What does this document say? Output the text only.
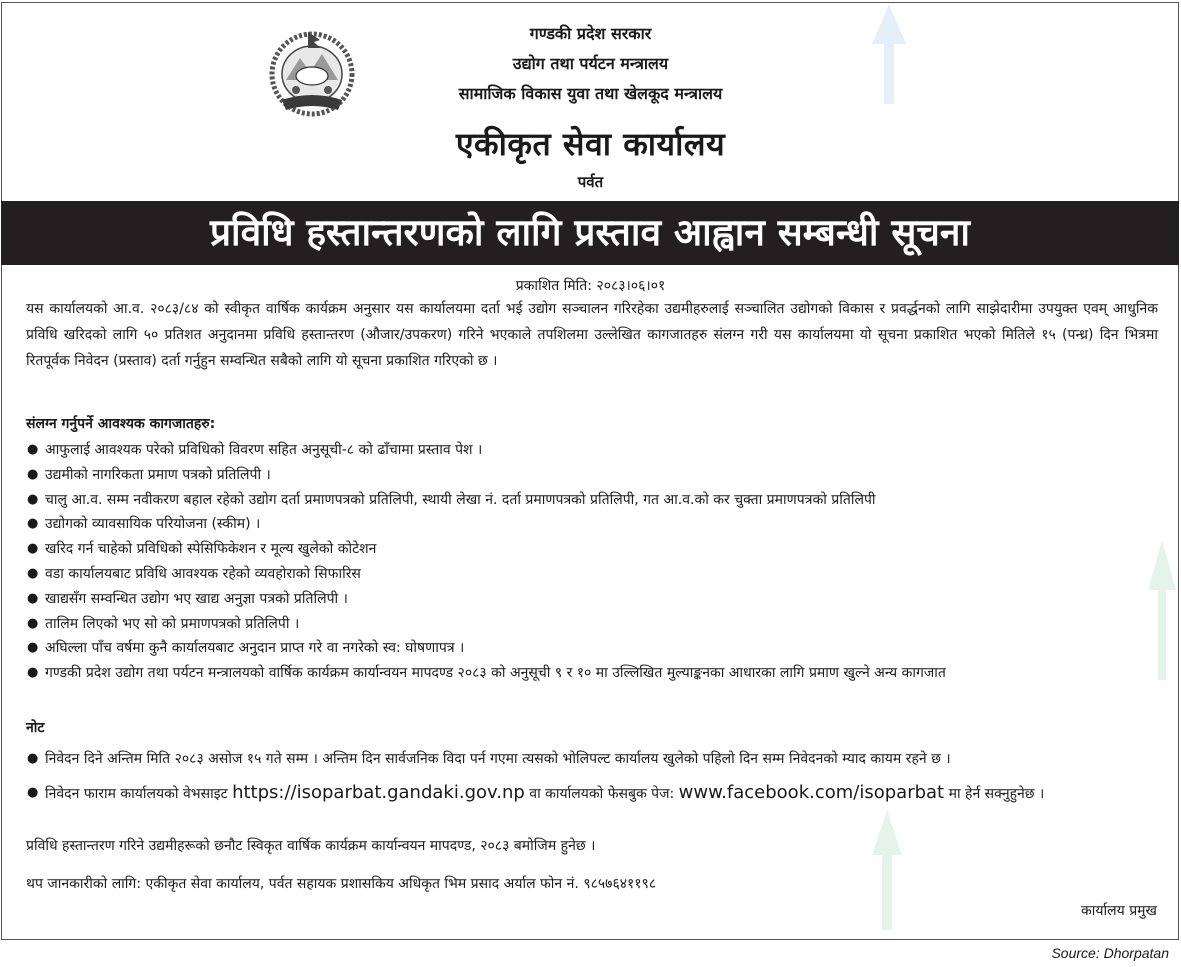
गण्डकी प्रदेश सरकार
उद्योग तथा पर्यटन मन्त्रालय
सामाजिक विकास युवा तथा खेलकूद मन्त्रालय
एकीकृत सेवा कार्यालय
पर्वत
प्रविधि हस्तान्तरणको लागि प्रस्ताव आह्वान सम्बन्धी सूचना
प्रकाशित मिति: २०८३।०६।०१
यस कार्यालयको आ.व. २०८३/८४ को स्वीकृत वार्षिक कार्यक्रम अनुसार यस कार्यालयमा दर्ता भई उद्योग सञ्चालन गरिरहेका उद्यमीहरुलाई सञ्चालित उद्योगको विकास र प्रवर्द्धनको लागि साझेदारीमा उपयुक्त एवम् आधुनिक प्रविधि खरिदको लागि ५० प्रतिशत अनुदानमा प्रविधि हस्तान्तरण (औजार/उपकरण) गरिने भएकाले तपशिलमा उल्लेखित कागजातहरु संलग्न गरी यस कार्यालयमा यो सूचना प्रकाशित भएको मितिले १५ (पन्ध्र) दिन भित्रमा रितपूर्वक निवेदन (प्रस्ताव) दर्ता गर्नुहुन सम्वन्धित सबैको लागि यो सूचना प्रकाशित गरिएको छ ।
संलग्न गर्नुपर्ने आवश्यक कागजातहरु:
● आफुलाई आवश्यक परेको प्रविधिको विवरण सहित अनुसूची-८ को ढाँचामा प्रस्ताव पेश ।
● उद्यमीको नागरिकता प्रमाण पत्रको प्रतिलिपी ।
● चालु आ.व. सम्म नवीकरण बहाल रहेको उद्योग दर्ता प्रमाणपत्रको प्रतिलिपी, स्थायी लेखा नं. दर्ता प्रमाणपत्रको प्रतिलिपी, गत आ.व.को कर चुक्ता प्रमाणपत्रको प्रतिलिपी
● उद्योगको व्यावसायिक परियोजना (स्कीम) ।
● खरिद गर्न चाहेको प्रविधिको स्पेसिफिकेशन र मूल्य खुलेको कोटेशन
● वडा कार्यालयबाट प्रविधि आवश्यक रहेको व्यवहोराको सिफारिस
● खाद्यसँग सम्वन्धित उद्योग भए खाद्य अनुज्ञा पत्रको प्रतिलिपी ।
● तालिम लिएको भए सो को प्रमाणपत्रको प्रतिलिपी ।
● अघिल्ला पाँच वर्षमा कुनै कार्यालयबाट अनुदान प्राप्त गरे वा नगरेको स्व: घोषणापत्र ।
● गण्डकी प्रदेश उद्योग तथा पर्यटन मन्त्रालयको वार्षिक कार्यक्रम कार्यान्वयन मापदण्ड २०८३ को अनुसूची ९ र १० मा उल्लिखित मुल्याङ्कनका आधारका लागि प्रमाण खुल्ने अन्य कागजात
नोट
● निवेदन दिने अन्तिम मिति २०८३ असोज १५ गते सम्म । अन्तिम दिन सार्वजनिक विदा पर्न गएमा त्यसको भोलिपल्ट कार्यालय खुलेको पहिलो दिन सम्म निवेदनको म्याद कायम रहने छ ।
● निवेदन फाराम कार्यालयको वेभसाइट https://isoparbat.gandaki.gov.np वा कार्यालयको फेसबुक पेज: www.facebook.com/isoparbat मा हेर्न सक्नुहुनेछ ।
प्रविधि हस्तान्तरण गरिने उद्यमीहरूको छनौट स्विकृत वार्षिक कार्यक्रम कार्यान्वयन मापदण्ड, २०८३ बमोजिम हुनेछ ।
थप जानकारीको लागि: एकीकृत सेवा कार्यालय, पर्वत सहायक प्रशासकिय अधिकृत भिम प्रसाद अर्याल फोन नं. ९८५७६४११९८
कार्यालय प्रमुख
Source: Dhorpatan
